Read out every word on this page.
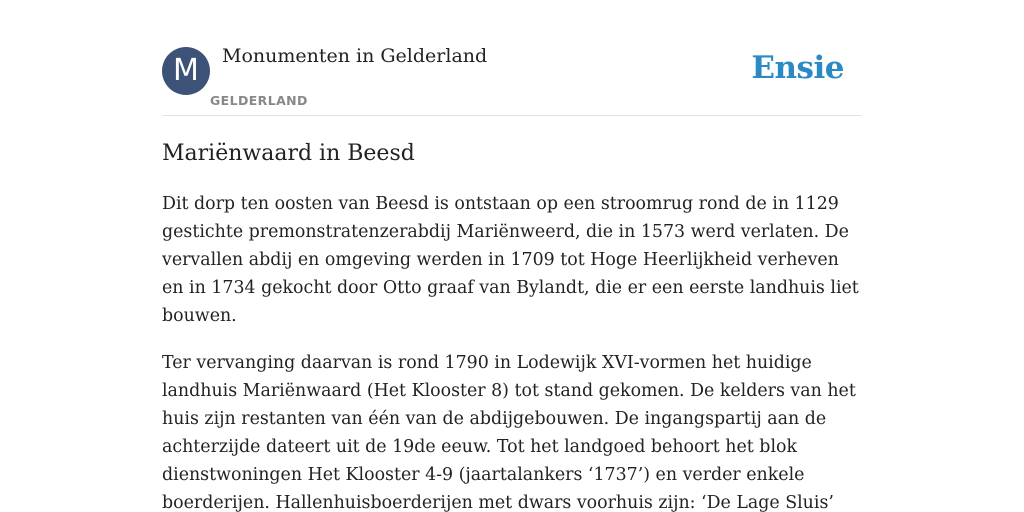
M	Monumenten in Gelderland
GELDERLAND
Ensie
Mariënwaard in Beesd

Dit dorp ten oosten van Beesd is ontstaan op een stroomrug rond de in 1129 gestichte premonstratenzerabdij Mariënweerd, die in 1573 werd verlaten. De vervallen abdij en omgeving werden in 1709 tot Hoge Heerlijkheid verheven en in 1734 gekocht door Otto graaf van Bylandt, die er een eerste landhuis liet bouwen.

Ter vervanging daarvan is rond 1790 in Lodewijk XVI-vormen het huidige landhuis Mariënwaard (Het Klooster 8) tot stand gekomen. De kelders van het huis zijn restanten van één van de abdijgebouwen. De ingangspartij aan de achterzijde dateert uit de 19de eeuw. Tot het landgoed behoort het blok dienstwoningen Het Klooster 4-9 (jaartalankers ‘1737’) en verder enkele boerderijen. Hallenhuisboerderijen met dwars voorhuis zijn: ‘De Lage Sluis’
